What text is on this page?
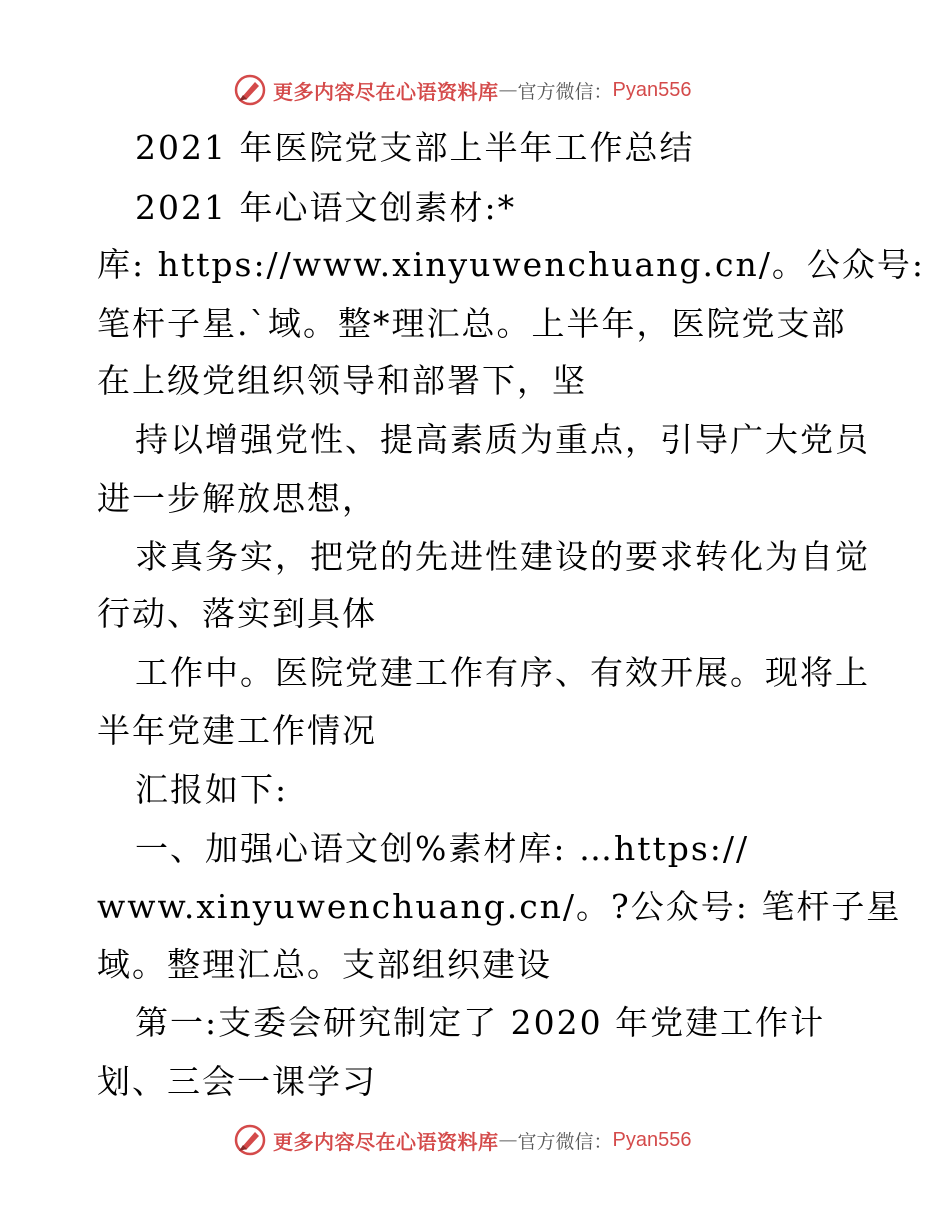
更多内容尽在心语资料库 — 官方微信： Pyan556
2021 年医院党支部上半年工作总结
2021 年心语文创素材:*
库: https://www.xinyuwenchuang.cn/。公众号:
笔杆子星.`域。整*理汇总。上半年，医院党支部
在上级党组织领导和部署下，坚
持以增强党性、提高素质为重点，引导广大党员
进一步解放思想，
求真务实，把党的先进性建设的要求转化为自觉
行动、落实到具体
工作中。医院党建工作有序、有效开展。现将上
半年党建工作情况
汇报如下:
一、加强心语文创%素材库: …https://
www.xinyuwenchuang.cn/。?公众号: 笔杆子星
域。整理汇总。支部组织建设
第一:支委会研究制定了 2020 年党建工作计
划、三会一课学习
更多内容尽在心语资料库 — 官方微信： Pyan556
